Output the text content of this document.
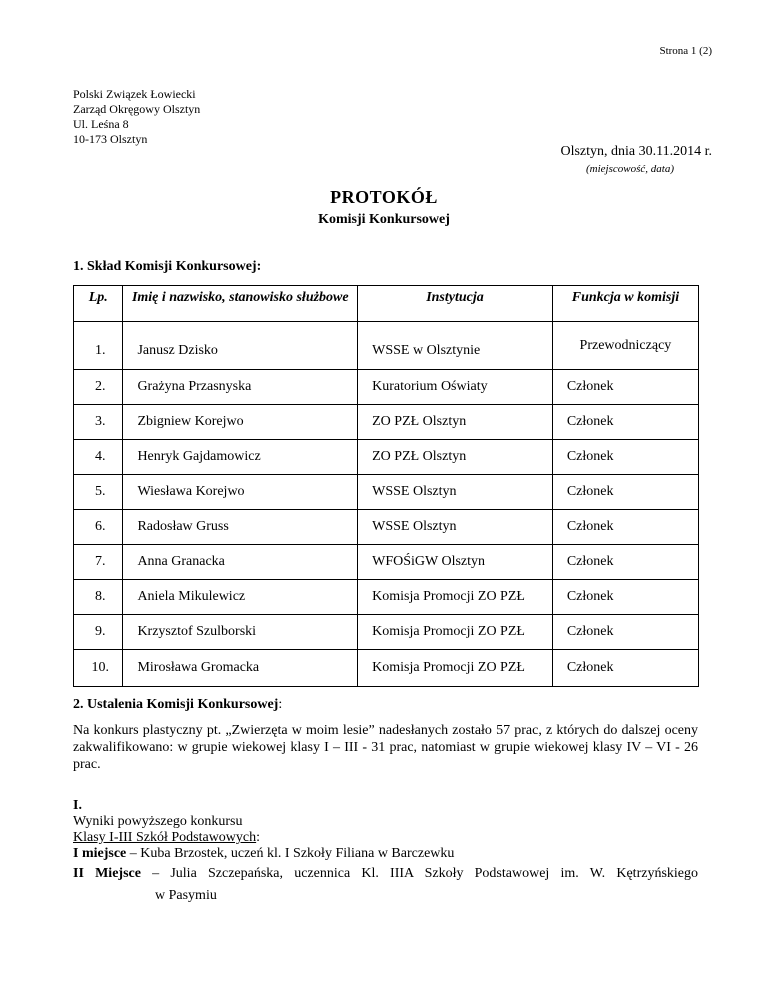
Strona 1 (2)
Polski Związek Łowiecki
Zarząd Okręgowy Olsztyn
Ul. Leśna 8
10-173 Olsztyn
Olsztyn, dnia 30.11.2014 r.
(miejscowość, data)
PROTOKÓŁ
Komisji Konkursowej
1. Skład Komisji Konkursowej:
Lp.	Imię i nazwisko, stanowisko służbowe	Instytucja	Funkcja w komisji
1.	Janusz Dzisko	WSSE w Olsztynie	Przewodniczący
2.	Grażyna Przasnyska	Kuratorium Oświaty	Członek
3.	Zbigniew Korejwo	ZO PZŁ Olsztyn	Członek
4.	Henryk Gajdamowicz	ZO PZŁ Olsztyn	Członek
5.	Wiesława Korejwo	WSSE Olsztyn	Członek
6.	Radosław Gruss	WSSE Olsztyn	Członek
7.	Anna Granacka	WFOŚiGW Olsztyn	Członek
8.	Aniela Mikulewicz	Komisja Promocji ZO PZŁ	Członek
9.	Krzysztof Szulborski	Komisja Promocji ZO PZŁ	Członek
10.	Mirosława Gromacka	Komisja Promocji ZO PZŁ	Członek
2. Ustalenia Komisji Konkursowej:
Na konkurs plastyczny pt. „Zwierzęta w moim lesie” nadesłanych zostało 57 prac, z których do dalszej oceny zakwalifikowano: w grupie wiekowej klasy I – III - 31 prac, natomiast w grupie wiekowej klasy IV – VI - 26 prac.
I.
Wyniki powyższego konkursu
Klasy I-III Szkół Podstawowych:
I miejsce – Kuba Brzostek, uczeń kl. I Szkoły Filiana w Barczewku
II Miejsce – Julia Szczepańska, uczennica Kl. IIIA Szkoły Podstawowej im. W. Kętrzyńskiego
w Pasymiu
